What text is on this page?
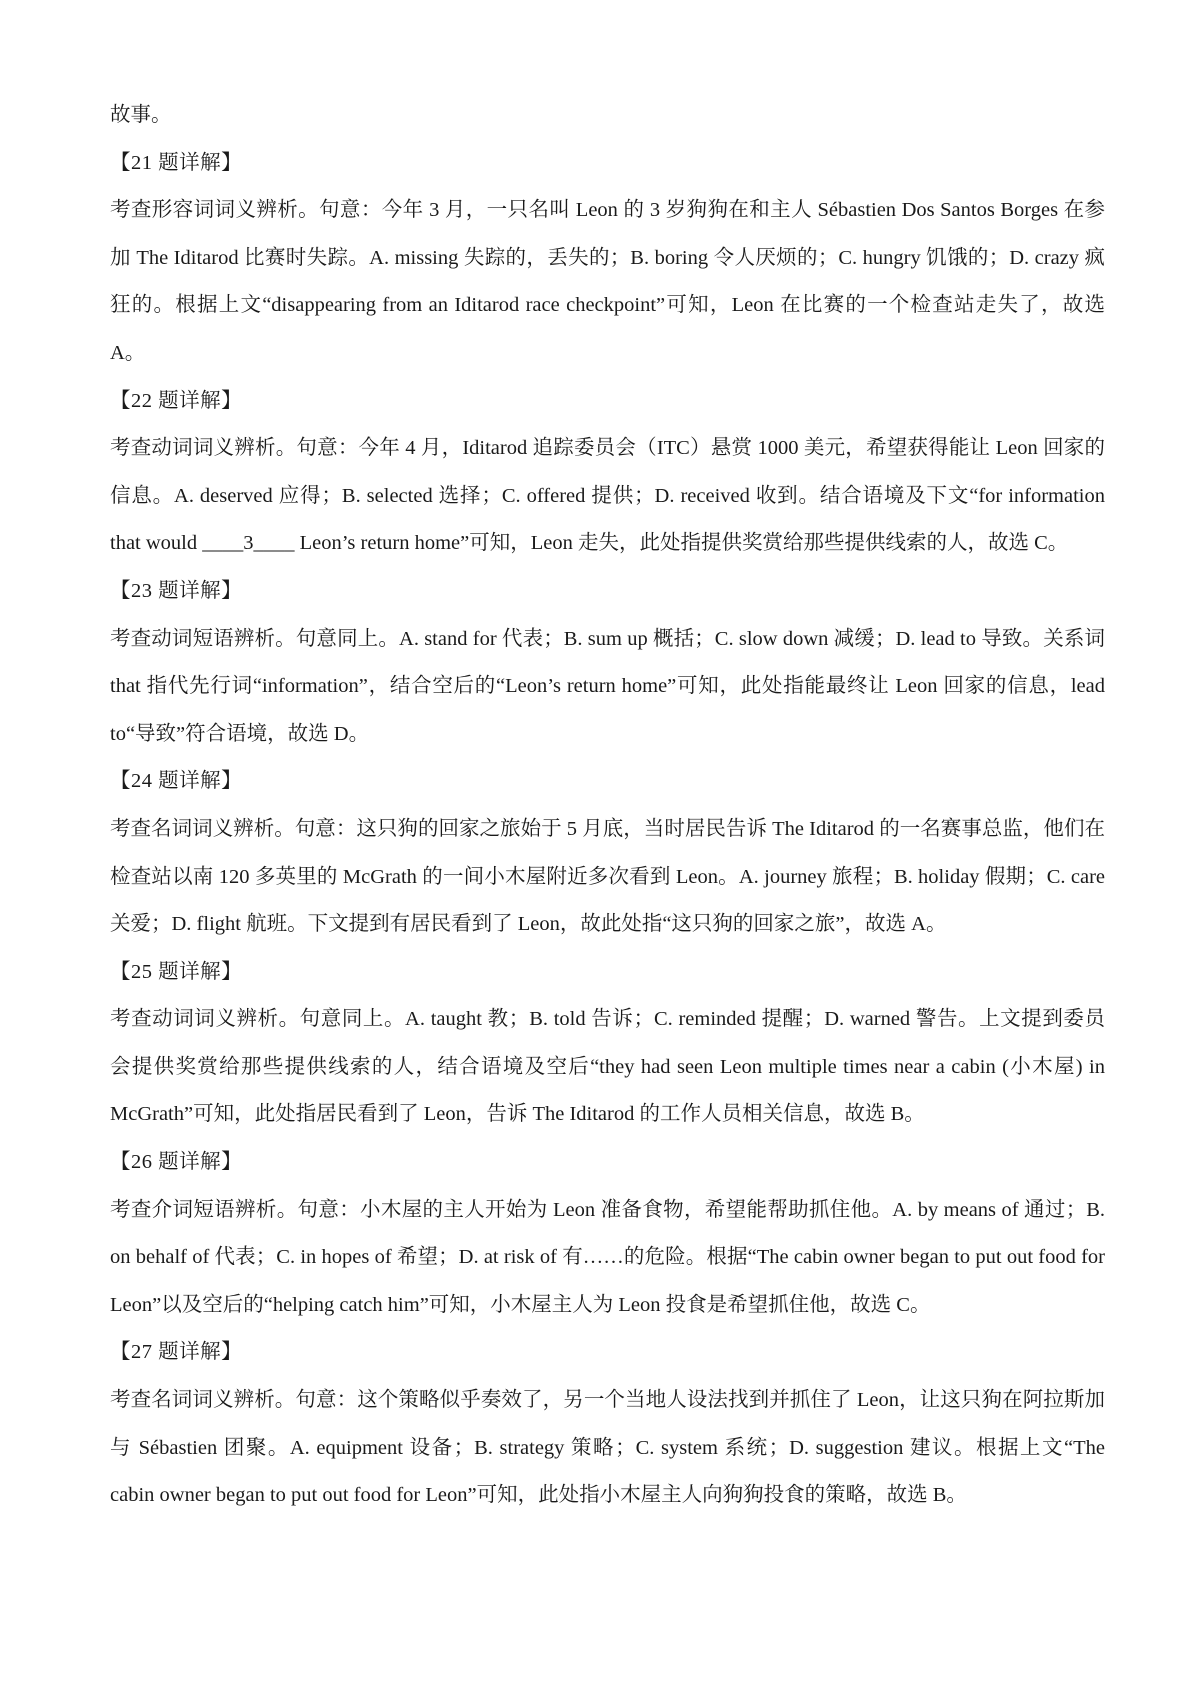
故事。

【21 题详解】

考查形容词词义辨析。句意：今年 3 月，一只名叫 Leon 的 3 岁狗狗在和主人 Sébastien Dos Santos Borges 在参加 The Iditarod 比赛时失踪。A. missing 失踪的，丢失的；B. boring 令人厌烦的；C. hungry 饥饿的；D. crazy 疯狂的。根据上文“disappearing from an Iditarod race checkpoint”可知，Leon 在比赛的一个检查站走失了，故选 A。

【22 题详解】

考查动词词义辨析。句意：今年 4 月，Iditarod 追踪委员会（ITC）悬赏 1000 美元，希望获得能让 Leon 回家的信息。A. deserved 应得；B. selected 选择；C. offered 提供；D. received 收到。结合语境及下文“for information that would ____3____ Leon’s return home”可知，Leon 走失，此处指提供奖赏给那些提供线索的人，故选 C。

【23 题详解】

考查动词短语辨析。句意同上。A. stand for 代表；B. sum up 概括；C. slow down 减缓；D. lead to 导致。关系词 that 指代先行词“information”，结合空后的“Leon’s return home”可知，此处指能最终让 Leon 回家的信息，lead to“导致”符合语境，故选 D。

【24 题详解】

考查名词词义辨析。句意：这只狗的回家之旅始于 5 月底，当时居民告诉 The Iditarod 的一名赛事总监，他们在检查站以南 120 多英里的 McGrath 的一间小木屋附近多次看到 Leon。A. journey 旅程；B. holiday 假期；C. care 关爱；D. flight 航班。下文提到有居民看到了 Leon，故此处指“这只狗的回家之旅”，故选 A。

【25 题详解】

考查动词词义辨析。句意同上。A. taught 教；B. told 告诉；C. reminded 提醒；D. warned 警告。上文提到委员会提供奖赏给那些提供线索的人，结合语境及空后“they had seen Leon multiple times near a cabin (小木屋) in McGrath”可知，此处指居民看到了 Leon，告诉 The Iditarod 的工作人员相关信息，故选 B。

【26 题详解】

考查介词短语辨析。句意：小木屋的主人开始为 Leon 准备食物，希望能帮助抓住他。A. by means of 通过；B. on behalf of 代表；C. in hopes of 希望；D. at risk of 有……的危险。根据“The cabin owner began to put out food for Leon”以及空后的“helping catch him”可知，小木屋主人为 Leon 投食是希望抓住他，故选 C。

【27 题详解】

考查名词词义辨析。句意：这个策略似乎奏效了，另一个当地人设法找到并抓住了 Leon，让这只狗在阿拉斯加与 Sébastien 团聚。A. equipment 设备；B. strategy 策略；C. system 系统；D. suggestion 建议。根据上文“The cabin owner began to put out food for Leon”可知，此处指小木屋主人向狗狗投食的策略，故选 B。
